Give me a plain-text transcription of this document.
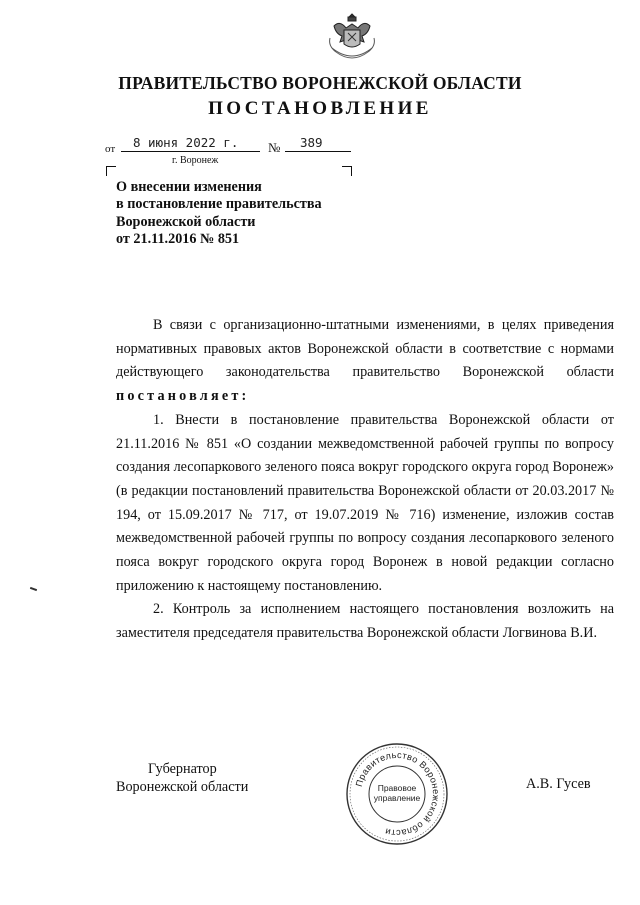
ПРАВИТЕЛЬСТВО ВОРОНЕЖСКОЙ ОБЛАСТИ
ПОСТАНОВЛЕНИЕ
от 8 июня 2022 г. № 389
г. Воронеж
О внесении изменения
в постановление правительства
Воронежской области
от 21.11.2016 № 851

В связи с организационно-штатными изменениями, в целях приведения нормативных правовых актов Воронежской области в соответствие с нормами действующего законодательства правительство Воронежской области постановляет:

1. Внести в постановление правительства Воронежской области от 21.11.2016 № 851 «О создании межведомственной рабочей группы по вопросу создания лесопаркового зеленого пояса вокруг городского округа город Воронеж» (в редакции постановлений правительства Воронежской области от 20.03.2017 № 194, от 15.09.2017 № 717, от 19.07.2019 № 716) изменение, изложив состав межведомственной рабочей группы по вопросу создания лесопаркового зеленого пояса вокруг городского округа город Воронеж в новой редакции согласно приложению к настоящему постановлению.

2. Контроль за исполнением настоящего постановления возложить на заместителя председателя правительства Воронежской области Логвинова В.И.

Губернатор
Воронежской области	Правительство Воронежской области
Правовое
управление
А.В. Гусев
